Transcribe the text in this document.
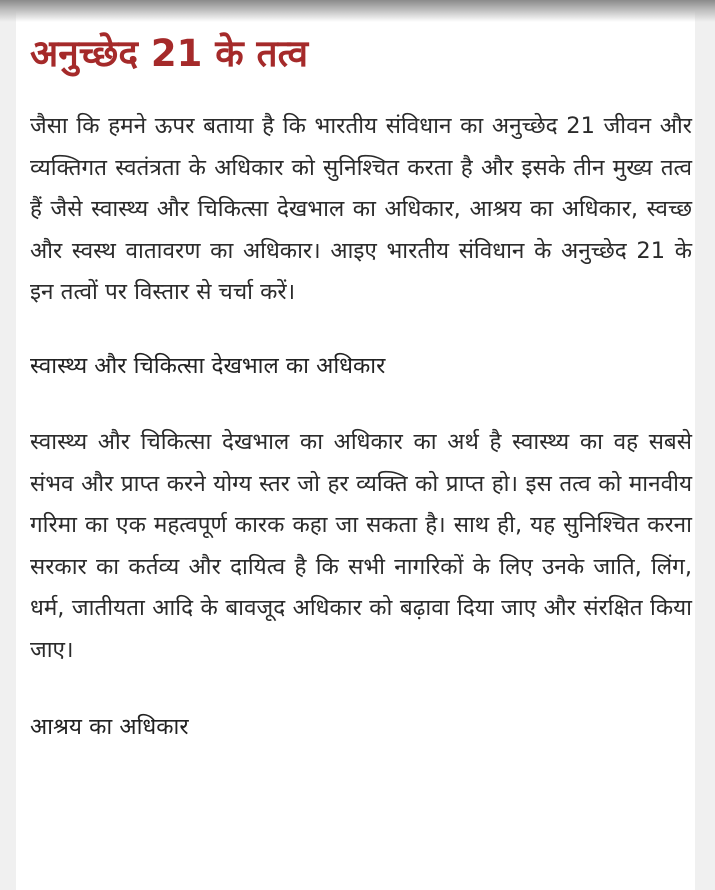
अनुच्छेद 21 के तत्व

जैसा कि हमने ऊपर बताया है कि भारतीय संविधान का अनुच्छेद 21 जीवन और व्यक्तिगत स्वतंत्रता के अधिकार को सुनिश्चित करता है और इसके तीन मुख्य तत्व हैं जैसे स्वास्थ्य और चिकित्सा देखभाल का अधिकार, आश्रय का अधिकार, स्वच्छ और स्वस्थ वातावरण का अधिकार। आइए भारतीय संविधान के अनुच्छेद 21 के इन तत्वों पर विस्तार से चर्चा करें।

स्वास्थ्य और चिकित्सा देखभाल का अधिकार

स्वास्थ्य और चिकित्सा देखभाल का अधिकार का अर्थ है स्वास्थ्य का वह सबसे संभव और प्राप्त करने योग्य स्तर जो हर व्यक्ति को प्राप्त हो। इस तत्व को मानवीय गरिमा का एक महत्वपूर्ण कारक कहा जा सकता है। साथ ही, यह सुनिश्चित करना सरकार का कर्तव्य और दायित्व है कि सभी नागरिकों के लिए उनके जाति, लिंग, धर्म, जातीयता आदि के बावजूद अधिकार को बढ़ावा दिया जाए और संरक्षित किया जाए।

आश्रय का अधिकार
